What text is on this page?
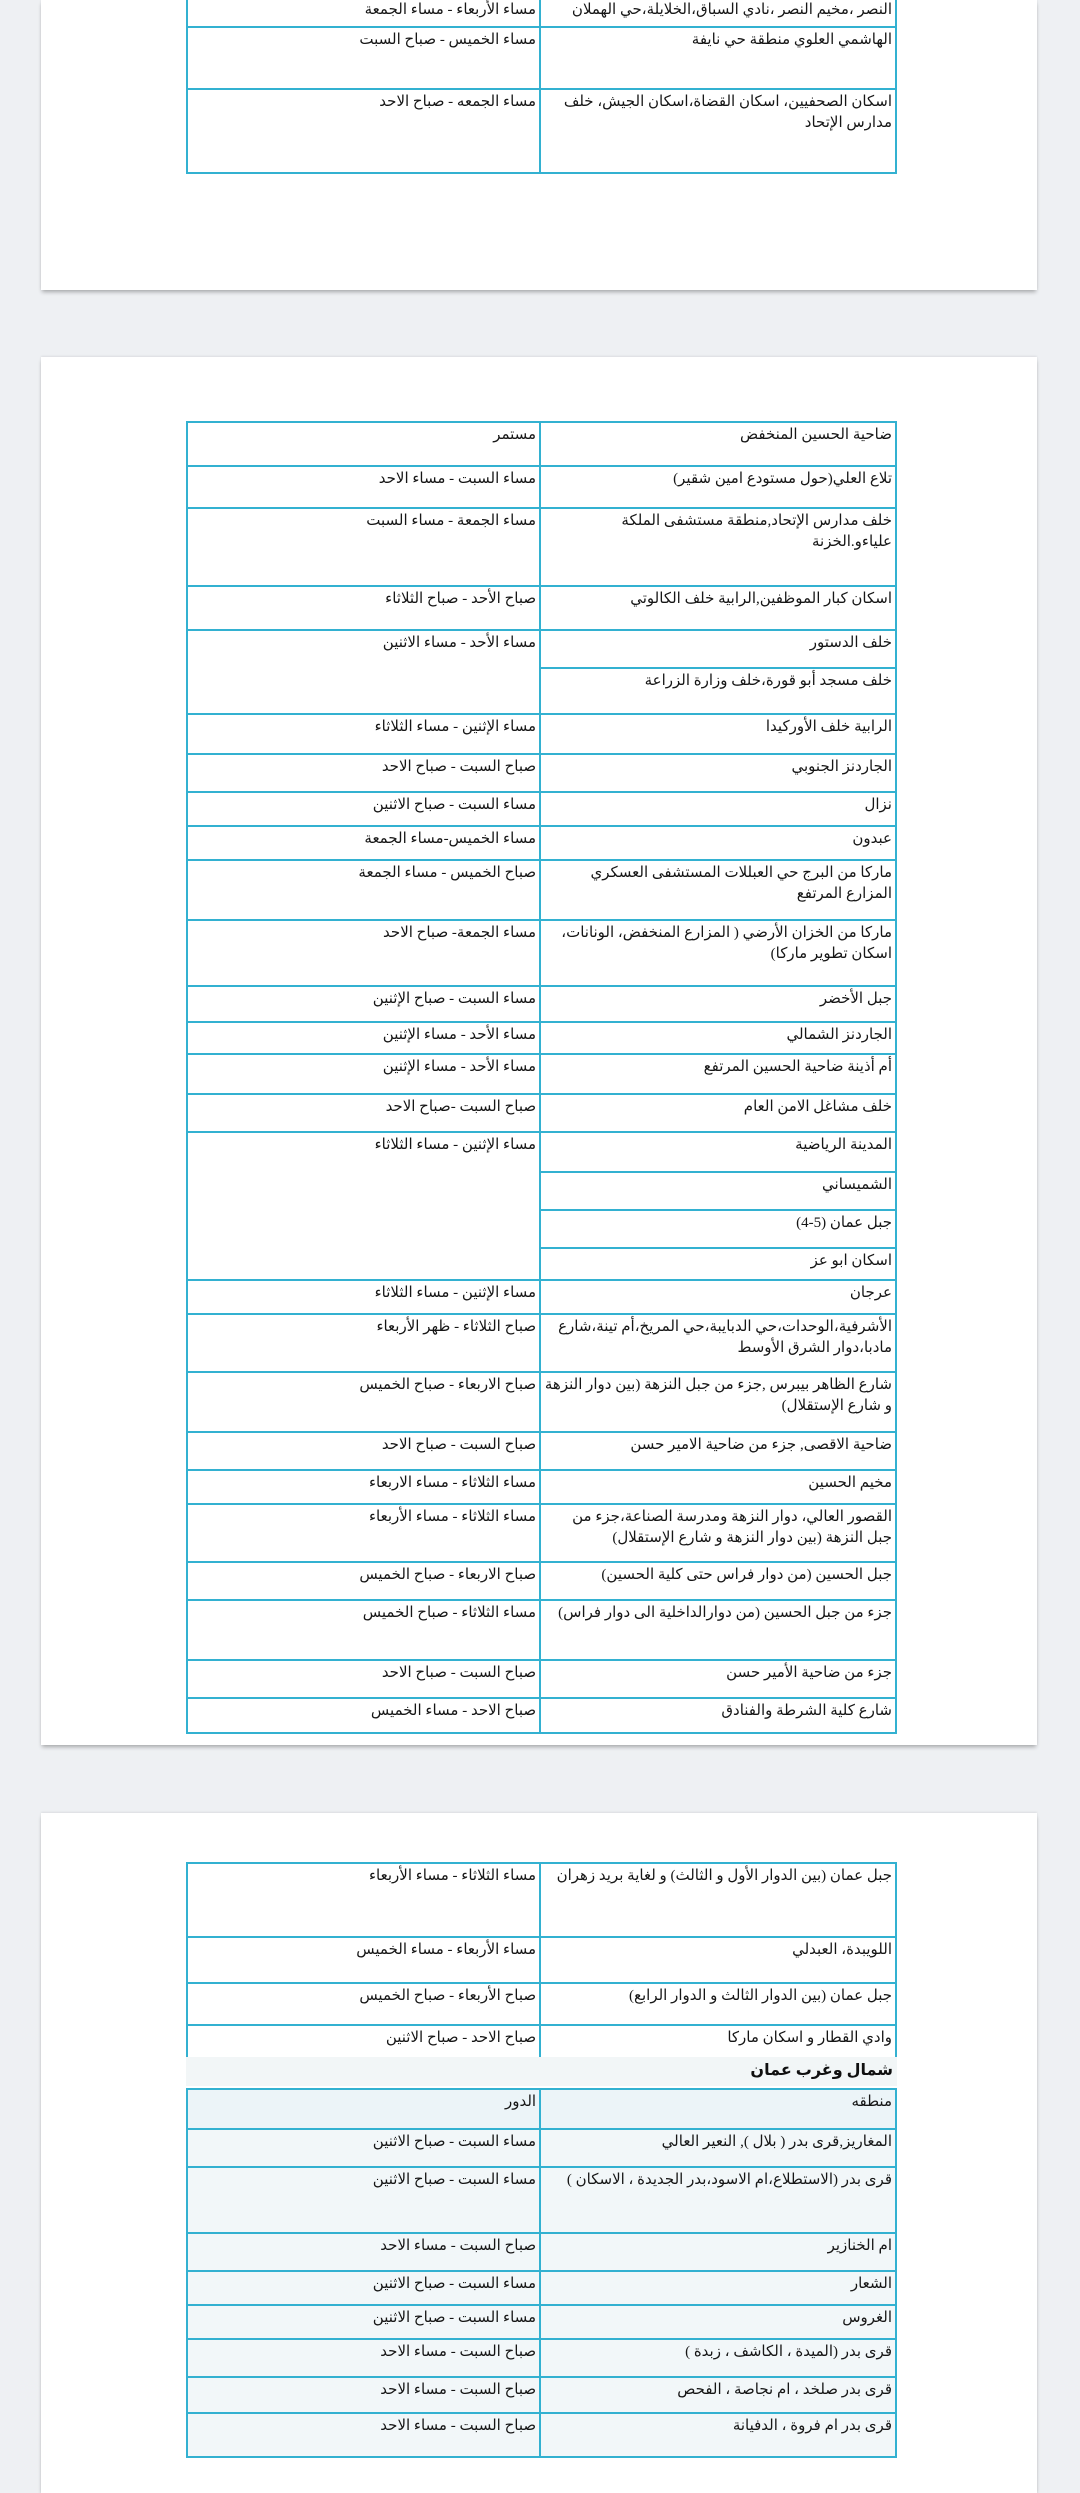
النصر ،مخيم النصر ،نادي السباق،الخلايلة،حي الهملان	مساء الأربعاء - مساء الجمعة
الهاشمي العلوي منطقة حي نايفة	مساء الخميس - صباح السبت
اسكان الصحفيين، اسكان القضاة،اسكان الجيش، خلف مدارس الإتحاد	مساء الجمعه - صباح الاحد
ضاحية الحسين المنخفض	مستمر
تلاع العلي(حول مستودع امين شقير)	مساء السبت - مساء الاحد
خلف مدارس الإتحاد,منطقة مستشفى الملكة علياءو.الخزنة	مساء الجمعة - مساء السبت
اسكان كبار الموظفين,الرابية خلف الكالوتي	صباح الأحد - صباح الثلاثاء
خلف الدستور	مساء الأحد - مساء الاثنين
خلف مسجد أبو قورة،خلف وزارة الزراعة	
الرابية خلف الأوركيدا	مساء الإثنين - مساء الثلاثاء
الجاردنز الجنوبي	صباح السبت - صباح الاحد
نزال	مساء السبت - صباح الاثنين
عبدون	مساء الخميس-مساء الجمعة
ماركا من البرج حي العبللات المستشفى العسكري المزارع المرتفع	صباح الخميس - مساء الجمعة
ماركا من الخزان الأرضي ( المزارع المنخفض، الونانات، اسكان تطوير ماركا)	مساء الجمعة- صباح الاحد
جبل الأخضر	مساء السبت - صباح الإثنين
الجاردنز الشمالي	مساء الأحد - مساء الإثنين
أم أذينة ضاحية الحسين المرتفع	مساء الأحد - مساء الإثنين
خلف مشاغل الامن العام	صباح السبت -صباح الاحد
المدينة الرياضية	مساء الإثنين - مساء الثلاثاء
الشميساني	
جبل عمان (5-4)	
اسكان ابو عز	
عرجان	مساء الإثنين - مساء الثلاثاء
الأشرفية،الوحدات،حي الدبايبة،حي المريخ،أم تينة،شارع مادبا،دوار الشرق الأوسط	صباح الثلاثاء - ظهر الأربعاء
شارع الظاهر بيبرس ,جزء من جبل النزهة (بين دوار النزهة و شارع الإستقلال)	صباح الاربعاء - صباح الخميس
ضاحية الاقصى, جزء من ضاحية الامير حسن	صباح السبت - صباح الاحد
مخيم الحسين	مساء الثلاثاء - مساء الاربعاء
القصور العالي، دوار النزهة ومدرسة الصناعة،جزء من جبل النزهة (بين دوار النزهة و شارع الإستقلال)	مساء الثلاثاء - مساء الأربعاء
جبل الحسين (من دوار فراس حتى كلية الحسين)	صباح الاربعاء - صباح الخميس
جزء من جبل الحسين (من دوارالداخلية الى دوار فراس)	مساء الثلاثاء - صباح الخميس
جزء من ضاحية الأمير حسن	صباح السبت - صباح الاحد
شارع كلية الشرطة والفنادق	صباح الاحد - مساء الخميس
جبل عمان (بين الدوار الأول و الثالث) و لغاية بريد زهران	مساء الثلاثاء - مساء الأربعاء
اللويبدة، العبدلي	مساء الأربعاء - مساء الخميس
جبل عمان (بين الدوار الثالث و الدوار الرابع)	صباح الأربعاء - صباح الخميس
وادي القطار و اسكان ماركا	صباح الاحد - صباح الاثنين
شمال وغرب عمان
منطقه	الدور
المغاريز,قرى بدر ( بلال ), النعير العالي	مساء السبت - صباح الاثنين
قرى بدر (الاستطلاع،ام الاسود،بدر الجديدة ، الاسكان )	مساء السبت - صباح الاثنين
ام الخنازير	صباح السبت - مساء الاحد
الشعار	مساء السبت - صباح الاثنين
الغروس	مساء السبت - صباح الاثنين
قرى بدر (الميدة ، الكاشف ، زبدة )	صباح السبت - مساء الاحد
قرى بدر صلخد ، ام نجاصة ، الفحص	صباح السبت - مساء الاحد
قرى بدر ام فروة ، الدفيانة	صباح السبت - مساء الاحد
